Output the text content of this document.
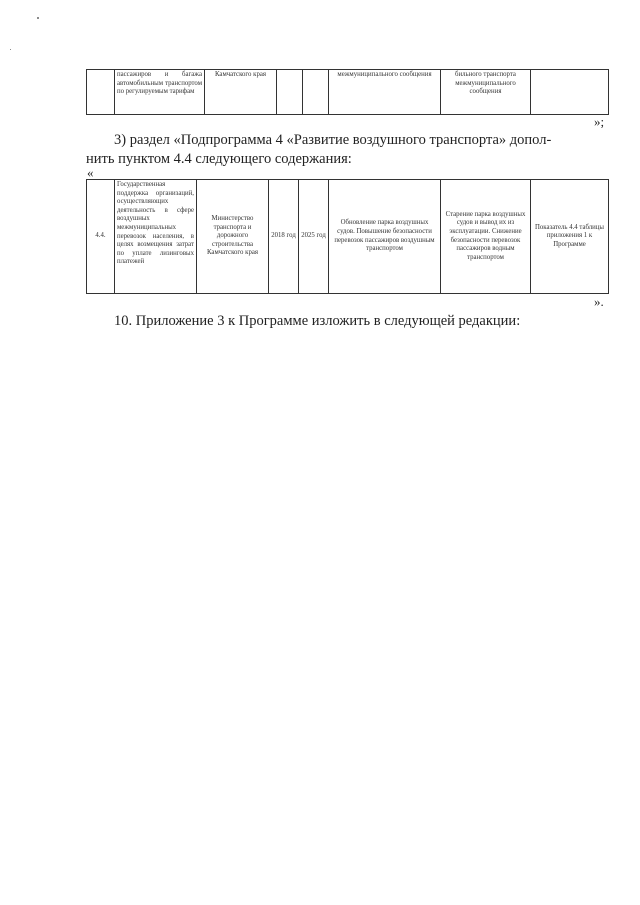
	пассажиров и багажа автомобильным транспортом по регулируемым тарифам	Камчатского края			межмуниципального сообщения	бильного транспорта межмуниципального сообщения	
»;
3) раздел «Подпрограмма 4 «Развитие воздушного транспорта» допол-
нить пунктом 4.4 следующего содержания:
«
4.4.	Государственная поддержка организаций, осуществляющих деятельность в сфере воздушных межмуниципальных перевозок населения, в целях возмещения затрат по уплате лизинговых платежей	Министерство транспорта и дорожного строительства Камчатского края	2018 год	2025 год	Обновление парка воздушных судов. Повышение безопасности перевозок пассажиров воздушным транспортом	Старение парка воздушных судов и вывод их из эксплуатации. Снижение безопасности перевозок пассажиров водным транспортом	Показатель 4.4 таблицы приложения 1 к Программе
».
10. Приложение 3 к Программе изложить в следующей редакции:
